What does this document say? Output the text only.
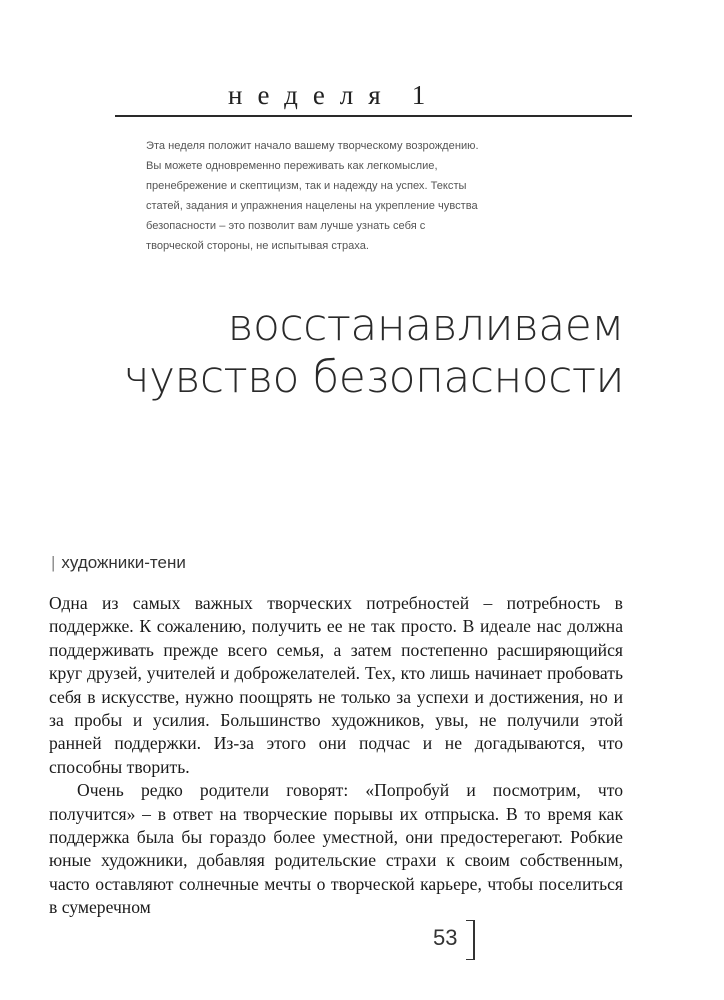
неделя 1

Эта неделя положит начало вашему творческому возрождению. Вы можете одновременно переживать как легкомыслие, пренебрежение и скептицизм, так и надежду на успех. Тексты статей, задания и упражнения нацелены на укрепление чувства безопасности – это позволит вам лучше узнать себя с творческой стороны, не испытывая страха.

восстанавливаем
чувство безопасности
| художники-тени

Одна из самых важных творческих потребностей – потребность в поддержке. К сожалению, получить ее не так просто. В идеале нас должна поддерживать прежде всего семья, а затем постепенно расширяющийся круг друзей, учителей и доброжелателей. Тех, кто лишь начинает пробовать себя в искусстве, нужно поощрять не только за успехи и достижения, но и за пробы и усилия. Большинство художников, увы, не получили этой ранней поддержки. Из-за этого они подчас и не догадываются, что способны творить.

Очень редко родители говорят: «Попробуй и посмотрим, что получится» – в ответ на творческие порывы их отпрыска. В то время как поддержка была бы гораздо более уместной, они предостерегают. Робкие юные художники, добавляя родительские страхи к своим собственным, часто оставляют солнечные мечты о творческой карьере, чтобы поселиться в сумеречном

53
